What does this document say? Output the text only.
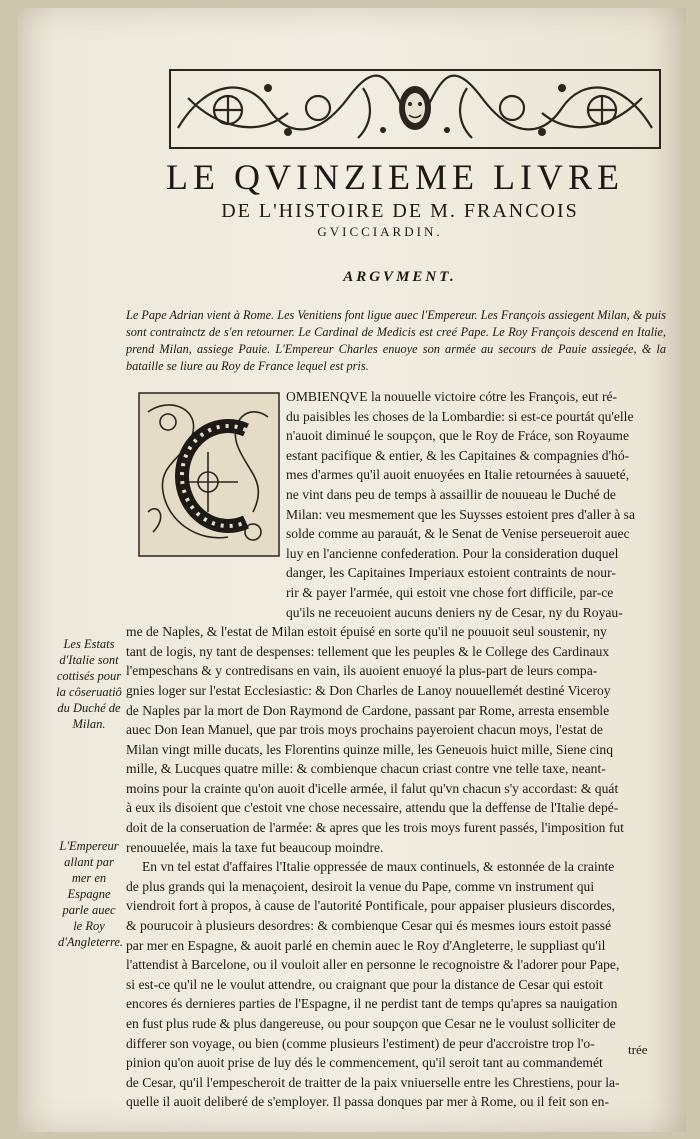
LE QVINZIEME LIVRE
DE L'HISTOIRE DE M. FRANCOIS
GVICCIARDIN.
ARGVMENT.
Le Pape Adrian vient à Rome. Les Venitiens font ligue auec l'Empereur. Les François assiegent Milan, & puis sont contrainctz de s'en retourner. Le Cardinal de Medicis est creé Pape. Le Roy François descend en Italie, prend Milan, assiege Pauie. L'Empereur Charles enuoye son armée au secours de Pauie assiegée, & la bataille se liure au Roy de France lequel est pris.
OMBIENQVE la nouuelle victoire cótre les François, eut ré-
du paisibles les choses de la Lombardie: si est-ce pourtát qu'elle
n'auoit diminué le soupçon, que le Roy de Fráce, son Royaume
estant pacifique & entier, & les Capitaines & compagnies d'hó-
mes d'armes qu'il auoit enuoyées en Italie retournées à sauueté,
ne vint dans peu de temps à assaillir de nouueau le Duché de
Milan: veu mesmement que les Suysses estoient pres d'aller à sa
solde comme au parauát, & le Senat de Venise perseueroit auec
luy en l'ancienne confederation. Pour la consideration duquel
danger, les Capitaines Imperiaux estoient contraints de nour-
rir & payer l'armée, qui estoit vne chose fort difficile, par-ce
qu'ils ne receuoient aucuns deniers ny de Cesar, ny du Royau-
me de Naples, & l'estat de Milan estoit épuisé en sorte qu'il ne pouuoit seul soustenir, ny
tant de logis, ny tant de despenses: tellement que les peuples & le College des Cardinaux
l'empeschans & y contredisans en vain, ils auoient enuoyé la plus-part de leurs compa-
gnies loger sur l'estat Ecclesiastic: & Don Charles de Lanoy nouuellemét destiné Viceroy
de Naples par la mort de Don Raymond de Cardone, passant par Rome, arresta ensemble
auec Don Iean Manuel, que par trois moys prochains payeroient chacun moys, l'estat de
Milan vingt mille ducats, les Florentins quinze mille, les Geneuois huict mille, Siene cinq
mille, & Lucques quatre mille: & combienque chacun criast contre vne telle taxe, neant-
moins pour la crainte qu'on auoit d'icelle armée, il falut qu'vn chacun s'y accordast: & quát
à eux ils disoient que c'estoit vne chose necessaire, attendu que la deffense de l'Italie depé-
doit de la conseruation de l'armée: & apres que les trois moys furent passés, l'imposition fut
renouuelée, mais la taxe fut beaucoup moindre.
En vn tel estat d'affaires l'Italie oppressée de maux continuels, & estonnée de la crainte
de plus grands qui la menaçoient, desiroit la venue du Pape, comme vn instrument qui
viendroit fort à propos, à cause de l'autorité Pontificale, pour appaiser plusieurs discordes,
& pourucoir à plusieurs desordres: & combienque Cesar qui és mesmes iours estoit passé
par mer en Espagne, & auoit parlé en chemin auec le Roy d'Angleterre, le suppliast qu'il
l'attendist à Barcelone, ou il vouloit aller en personne le recognoistre & l'adorer pour Pape,
si est-ce qu'il ne le voulut attendre, ou craignant que pour la distance de Cesar qui estoit
encores és dernieres parties de l'Espagne, il ne perdist tant de temps qu'apres sa nauigation
en fust plus rude & plus dangereuse, ou pour soupçon que Cesar ne le voulust solliciter de
differer son voyage, ou bien (comme plusieurs l'estiment) de peur d'accroistre trop l'o-
pinion qu'on auoit prise de luy dés le commencement, qu'il seroit tant au commandemét
de Cesar, qu'il l'empescheroit de traitter de la paix vniuerselle entre les Chrestiens, pour la-
quelle il auoit deliberé de s'employer. Il passa donques par mer à Rome, ou il feit son en-
Les Estats d'Italie sont cottisés pour la côseruatiô du Duché de Milan.
L'Empereur allant par mer en Espagne parle auec le Roy d'Angleterre.
trée
